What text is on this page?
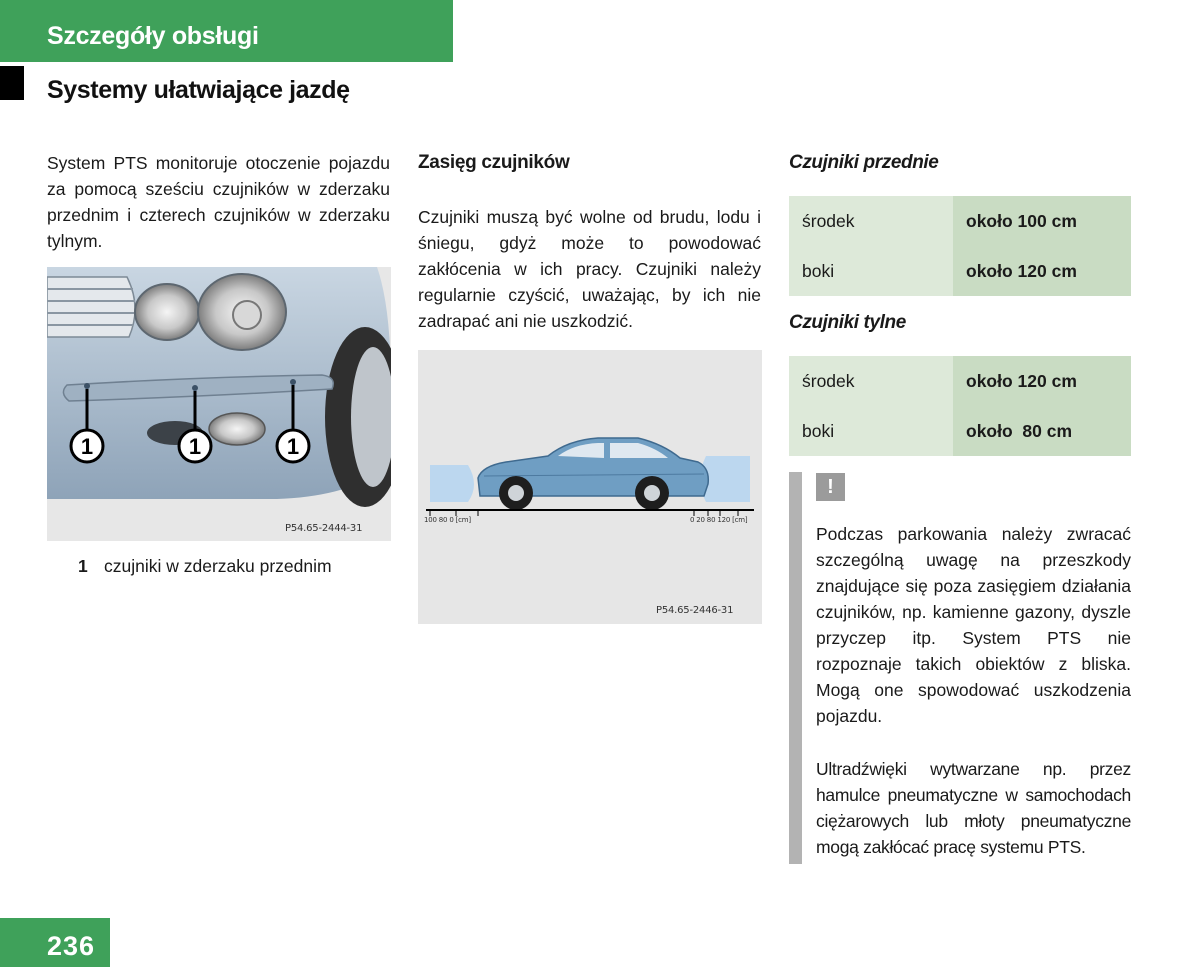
Szczegóły obsługi
Systemy ułatwiające jazdę
System PTS monitoruje otoczenie pojazdu za pomocą sześciu czujników w zderzaku przednim i czterech czujników w zderzaku tylnym.
1	1	1
P54.65-2444-31
1 czujniki w zderzaku przednim
Zasięg czujników
Czujniki muszą być wolne od brudu, lodu i śniegu, gdyż może to powodować zakłócenia w ich pracy. Czujniki należy regularnie czyścić, uważając, by ich nie zadrapać ani nie uszkodzić.
100 80 0 [cm]	0 20 80 120 [cm]
P54.65-2446-31
Czujniki przednie
środek	około 100 cm
boki	około 120 cm
Czujniki tylne
środek	około 120 cm
boki	około  80 cm
!
Podczas parkowania należy zwracać szczególną uwagę na przeszkody znajdujące się poza zasięgiem działania czujników, np. kamienne gazony, dyszle przyczep itp. System PTS nie rozpoznaje takich obiektów z bliska. Mogą one spowodować uszkodzenia pojazdu.
Ultradźwięki wytwarzane np. przez hamulce pneumatyczne w samochodach ciężarowych lub młoty pneumatyczne mogą zakłócać pracę systemu PTS.
236
